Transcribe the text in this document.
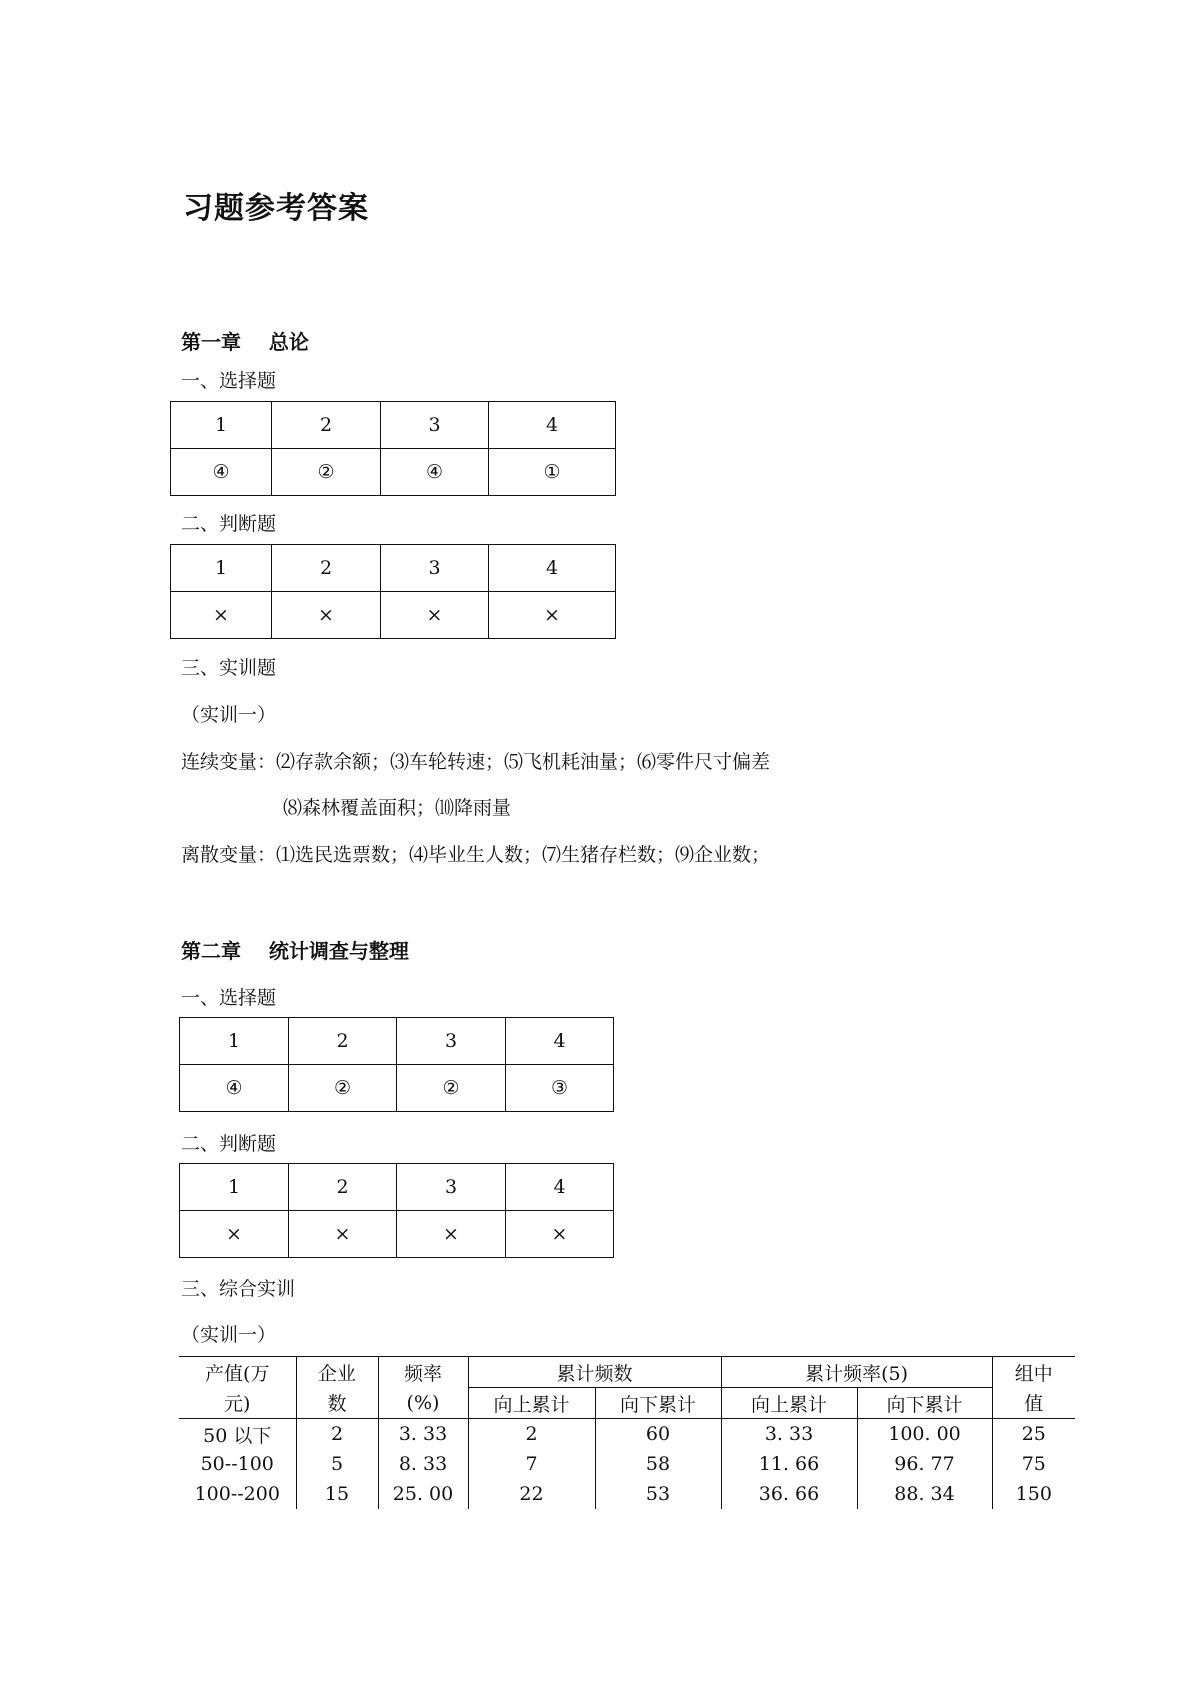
习题参考答案
第一章    总论
一、选择题
1	2	3	4
④	②	④	①
二、判断题
1	2	3	4
×	×	×	×
三、实训题
（实训一）
连续变量：⑵存款余额；⑶车轮转速；⑸飞机耗油量；⑹零件尺寸偏差
⑻森林覆盖面积；⑽降雨量
离散变量：⑴选民选票数；⑷毕业生人数；⑺生猪存栏数；⑼企业数；
第二章    统计调查与整理
一、选择题
1	2	3	4
④	②	②	③
二、判断题
1	2	3	4
×	×	×	×
三、综合实训
（实训一）
产值(万	企业	频率	累计频数		累计频率(5)		组中
元)	数	(%)	向上累计	向下累计	向上累计	向下累计	值
50 以下	2	3. 33	2	60	3. 33	100. 00	25
50--100	5	8. 33	7	58	11. 66	96. 77	75
100--200	15	25. 00	22	53	36. 66	88. 34	150
